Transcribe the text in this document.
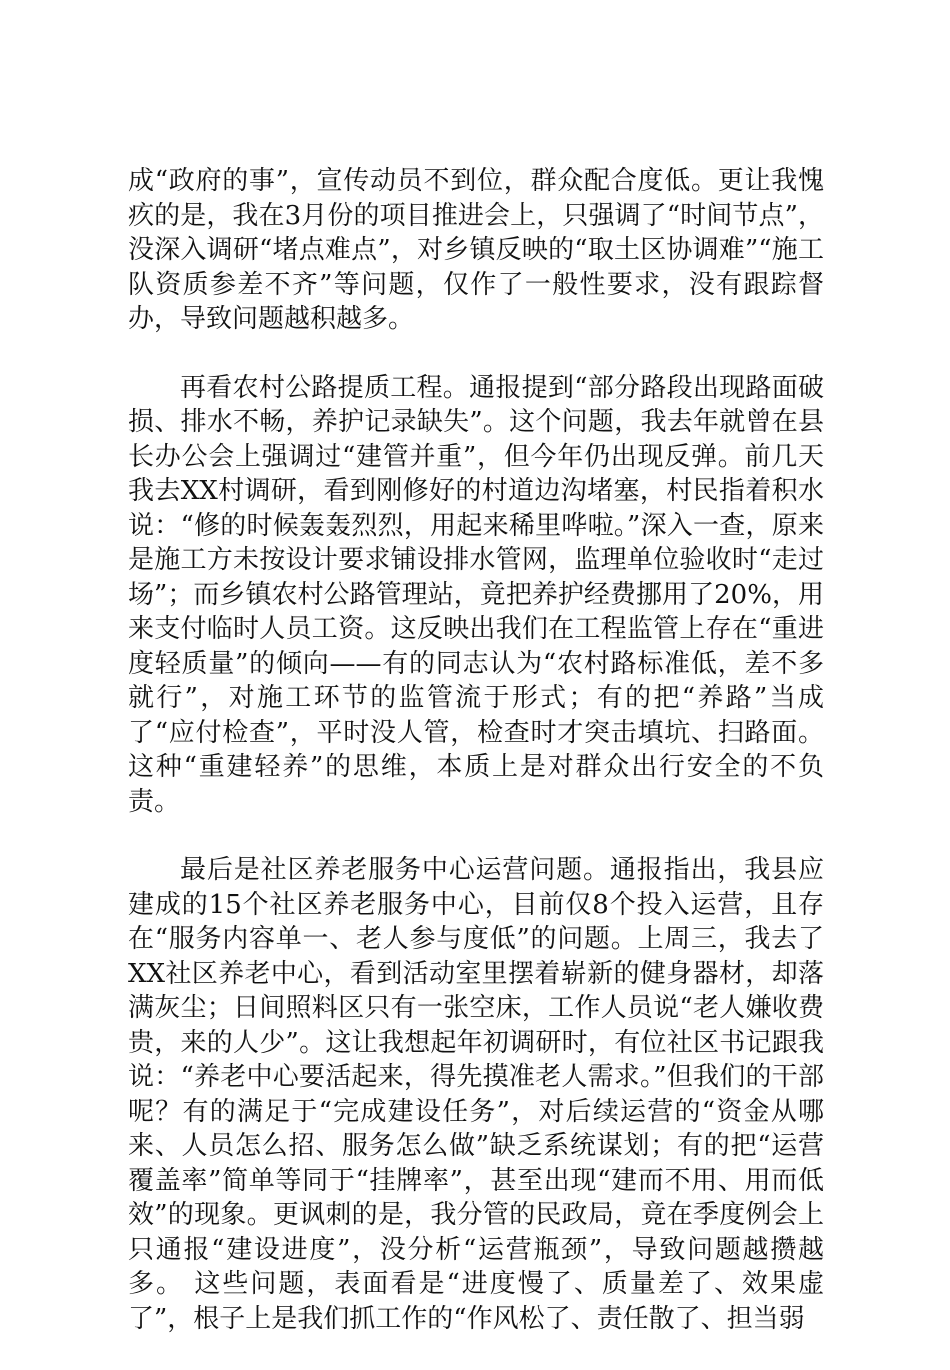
成“政府的事”，宣传动员不到位，群众配合度低。更让我愧疚的是，我在3月份的项目推进会上，只强调了“时间节点”，没深入调研“堵点难点”，对乡镇反映的“取土区协调难”“施工队资质参差不齐”等问题，仅作了一般性要求，没有跟踪督办，导致问题越积越多。

再看农村公路提质工程。通报提到“部分路段出现路面破损、排水不畅，养护记录缺失”。这个问题，我去年就曾在县长办公会上强调过“建管并重”，但今年仍出现反弹。前几天我去XX村调研，看到刚修好的村道边沟堵塞，村民指着积水说：“修的时候轰轰烈烈，用起来稀里哗啦。”深入一查，原来是施工方未按设计要求铺设排水管网，监理单位验收时“走过场”；而乡镇农村公路管理站，竟把养护经费挪用了20%，用来支付临时人员工资。这反映出我们在工程监管上存在“重进度轻质量”的倾向——有的同志认为“农村路标准低，差不多就行”，对施工环节的监管流于形式；有的把“养路”当成了“应付检查”，平时没人管，检查时才突击填坑、扫路面。这种“重建轻养”的思维，本质上是对群众出行安全的不负责。

最后是社区养老服务中心运营问题。通报指出，我县应建成的15个社区养老服务中心，目前仅8个投入运营，且存在“服务内容单一、老人参与度低”的问题。上周三，我去了XX社区养老中心，看到活动室里摆着崭新的健身器材，却落满灰尘；日间照料区只有一张空床，工作人员说“老人嫌收费贵，来的人少”。这让我想起年初调研时，有位社区书记跟我说：“养老中心要活起来，得先摸准老人需求。”但我们的干部呢？有的满足于“完成建设任务”，对后续运营的“资金从哪来、人员怎么招、服务怎么做”缺乏系统谋划；有的把“运营覆盖率”简单等同于“挂牌率”，甚至出现“建而不用、用而低效”的现象。更讽刺的是，我分管的民政局，竟在季度例会上只通报“建设进度”，没分析“运营瓶颈”，导致问题越攒越多。 这些问题，表面看是“进度慢了、质量差了、效果虚了”，根子上是我们抓工作的“作风松了、责任散了、担当弱
